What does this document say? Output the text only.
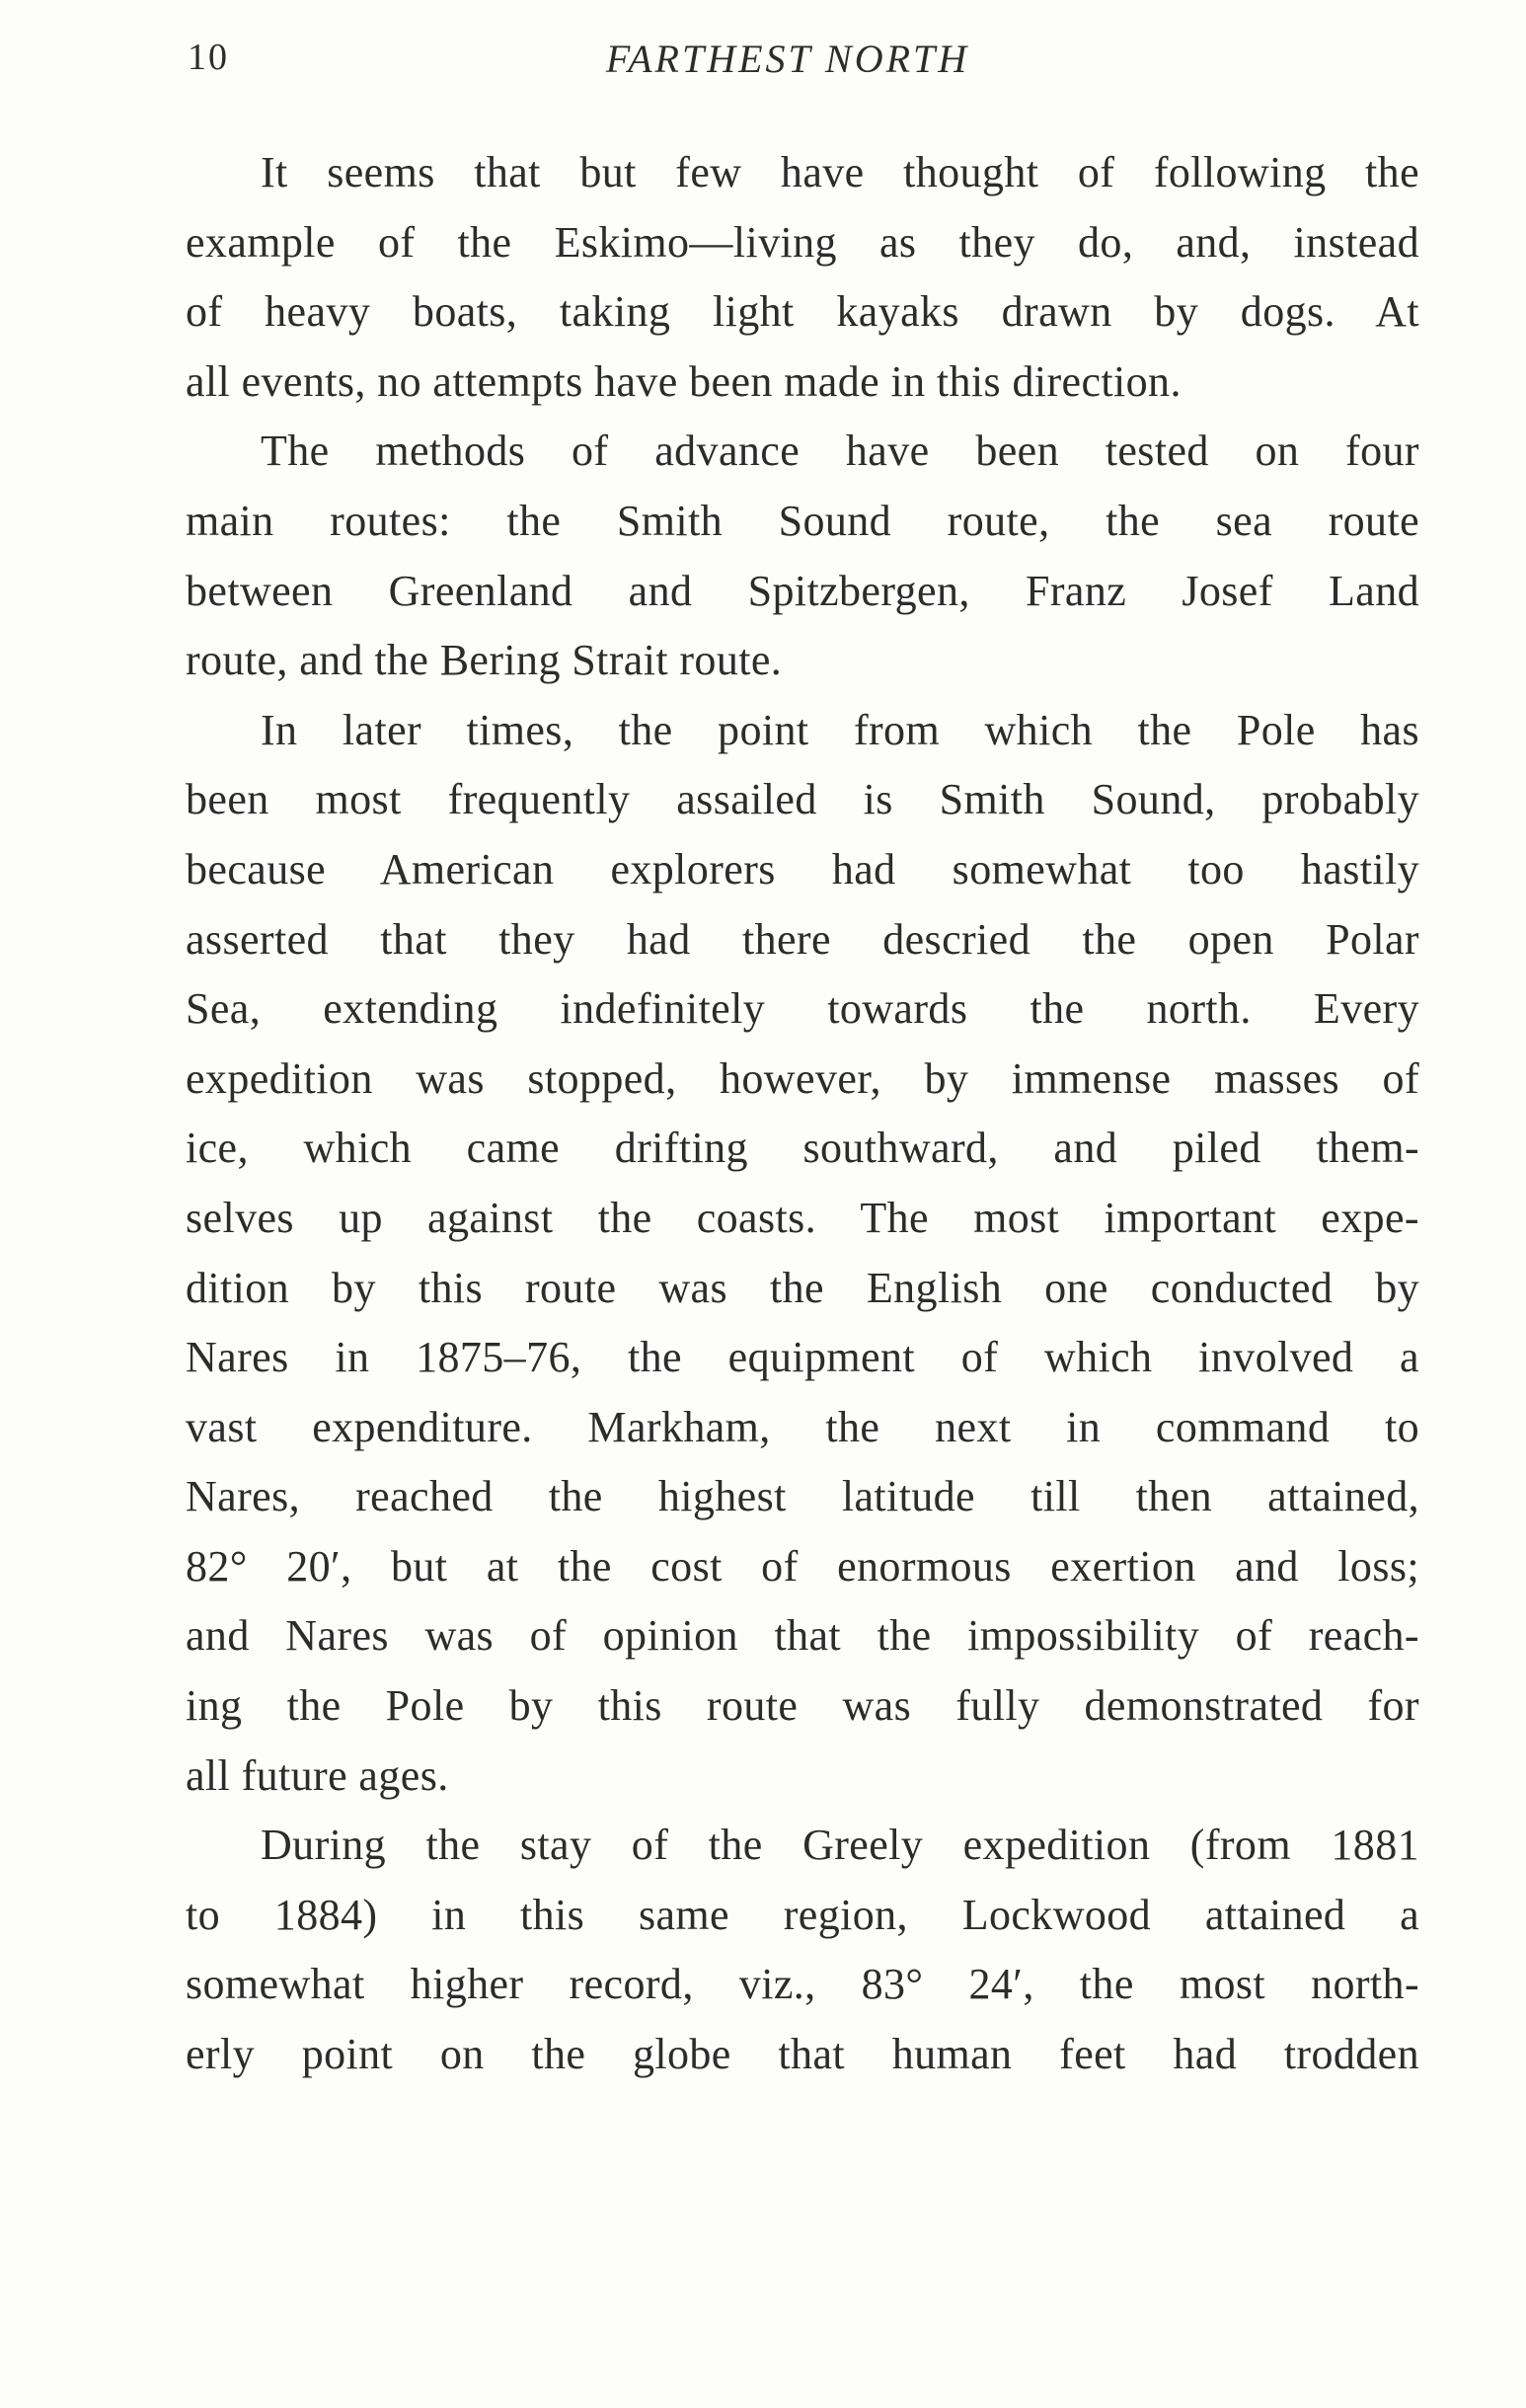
10	FARTHEST NORTH
It seems that but few have thought of following the
example of the Eskimo—living as they do, and, instead
of heavy boats, taking light kayaks drawn by dogs. At
all events, no attempts have been made in this direction.
The methods of advance have been tested on four
main routes: the Smith Sound route, the sea route
between Greenland and Spitzbergen, Franz Josef Land
route, and the Bering Strait route.
In later times, the point from which the Pole has
been most frequently assailed is Smith Sound, probably
because American explorers had somewhat too hastily
asserted that they had there descried the open Polar
Sea, extending indefinitely towards the north. Every
expedition was stopped, however, by immense masses of
ice, which came drifting southward, and piled them-
selves up against the coasts. The most important expe-
dition by this route was the English one conducted by
Nares in 1875–76, the equipment of which involved a
vast expenditure. Markham, the next in command to
Nares, reached the highest latitude till then attained,
82° 20′, but at the cost of enormous exertion and loss;
and Nares was of opinion that the impossibility of reach-
ing the Pole by this route was fully demonstrated for
all future ages.
During the stay of the Greely expedition (from 1881
to 1884) in this same region, Lockwood attained a
somewhat higher record, viz., 83° 24′, the most north-
erly point on the globe that human feet had trodden
